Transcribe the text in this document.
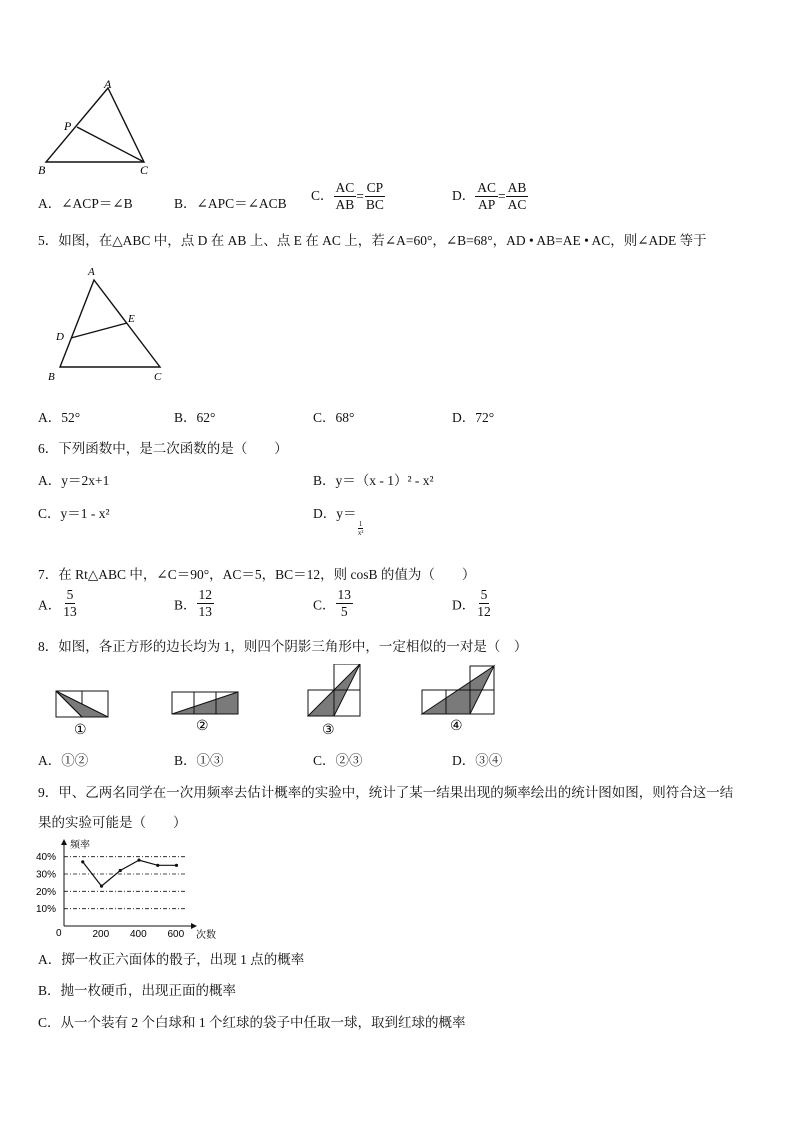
A
P
B	C
A．∠ACP＝∠B	B．∠APC＝∠ACB
C． $\frac{AC}{AB} = \frac{CP}{BC}$	D． $\frac{AC}{AP} = \frac{AB}{AC}$
5．如图，在△ABC 中，点 D 在 AB 上、点 E 在 AC 上，若∠A=60°，∠B=68°，AD • AB=AE • AC，则∠ADE 等于
A
D
E
B	C
A．52°	B．62°	C．68°	D．72°
6．下列函数中，是二次函数的是（　　）
A．y＝2x+1	B．y＝（x - 1）² - x²
C．y＝1 - x²	D．y＝
$\frac{1}{\text{x²}}$
7．在 Rt△ABC 中，∠C＝90°，AC＝5，BC＝12，则 cosB 的值为（　　）
A． $\frac{5}{13}$	B． $\frac{12}{13}$	C． $\frac{13}{5}$	D． $\frac{5}{12}$
8．如图，各正方形的边长均为 1，则四个阴影三角形中，一定相似的一对是（　）
①	②	③	④
A．①②	B．①③	C．②③	D．③④
9．甲、乙两名同学在一次用频率去估计概率的实验中，统计了某一结果出现的频率绘出的统计图如图，则符合这一结
果的实验可能是（　　）
频率
次数
0
10%
20%
30%
40%
200 400 600
A．掷一枚正六面体的骰子，出现 1 点的概率
B．抛一枚硬币，出现正面的概率
C．从一个装有 2 个白球和 1 个红球的袋子中任取一球，取到红球的概率
